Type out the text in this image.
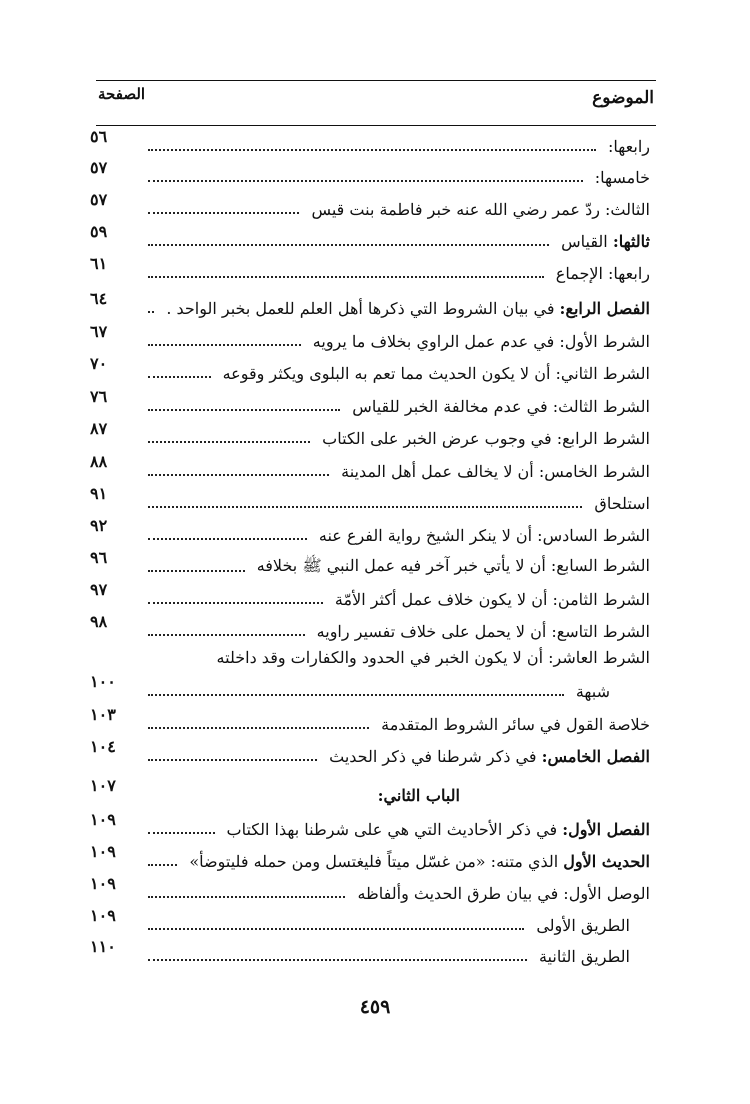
الموضوع
الصفحة
رابعها:
٥٦
خامسها:
٥٧
الثالث: ردّ عمر رضي الله عنه خبر فاطمة بنت قيس
٥٧
ثالثها: القياس
٥٩
رابعها: الإجماع
٦١
الفصل الرابع: في بيان الشروط التي ذكرها أهل العلم للعمل بخبر الواحد .
٦٤
الشرط الأول: في عدم عمل الراوي بخلاف ما يرويه
٦٧
الشرط الثاني: أن لا يكون الحديث مما تعم به البلوى ويكثر وقوعه
٧٠
الشرط الثالث: في عدم مخالفة الخبر للقياس
٧٦
الشرط الرابع: في وجوب عرض الخبر على الكتاب
٨٧
الشرط الخامس: أن لا يخالف عمل أهل المدينة
٨٨
استلحاق
٩١
الشرط السادس: أن لا ينكر الشيخ رواية الفرع عنه
٩٢
الشرط السابع: أن لا يأتي خبر آخر فيه عمل النبي ﷺ بخلافه
٩٦
الشرط الثامن: أن لا يكون خلاف عمل أكثر الأمّة
٩٧
الشرط التاسع: أن لا يحمل على خلاف تفسير راويه
٩٨
الشرط العاشر: أن لا يكون الخبر في الحدود والكفارات وقد داخلته
شبهة
١٠٠
خلاصة القول في سائر الشروط المتقدمة
١٠٣
الفصل الخامس: في ذكر شرطنا في ذكر الحديث
١٠٤
الباب الثاني:
١٠٧
الفصل الأول: في ذكر الأحاديث التي هي على شرطنا بهذا الكتاب
١٠٩
الحديث الأول الذي متنه: «من غسّل ميتاً فليغتسل ومن حمله فليتوضأ»
١٠٩
الوصل الأول: في بيان طرق الحديث وألفاظه
١٠٩
الطريق الأولى
١٠٩
الطريق الثانية
١١٠
٤٥٩
